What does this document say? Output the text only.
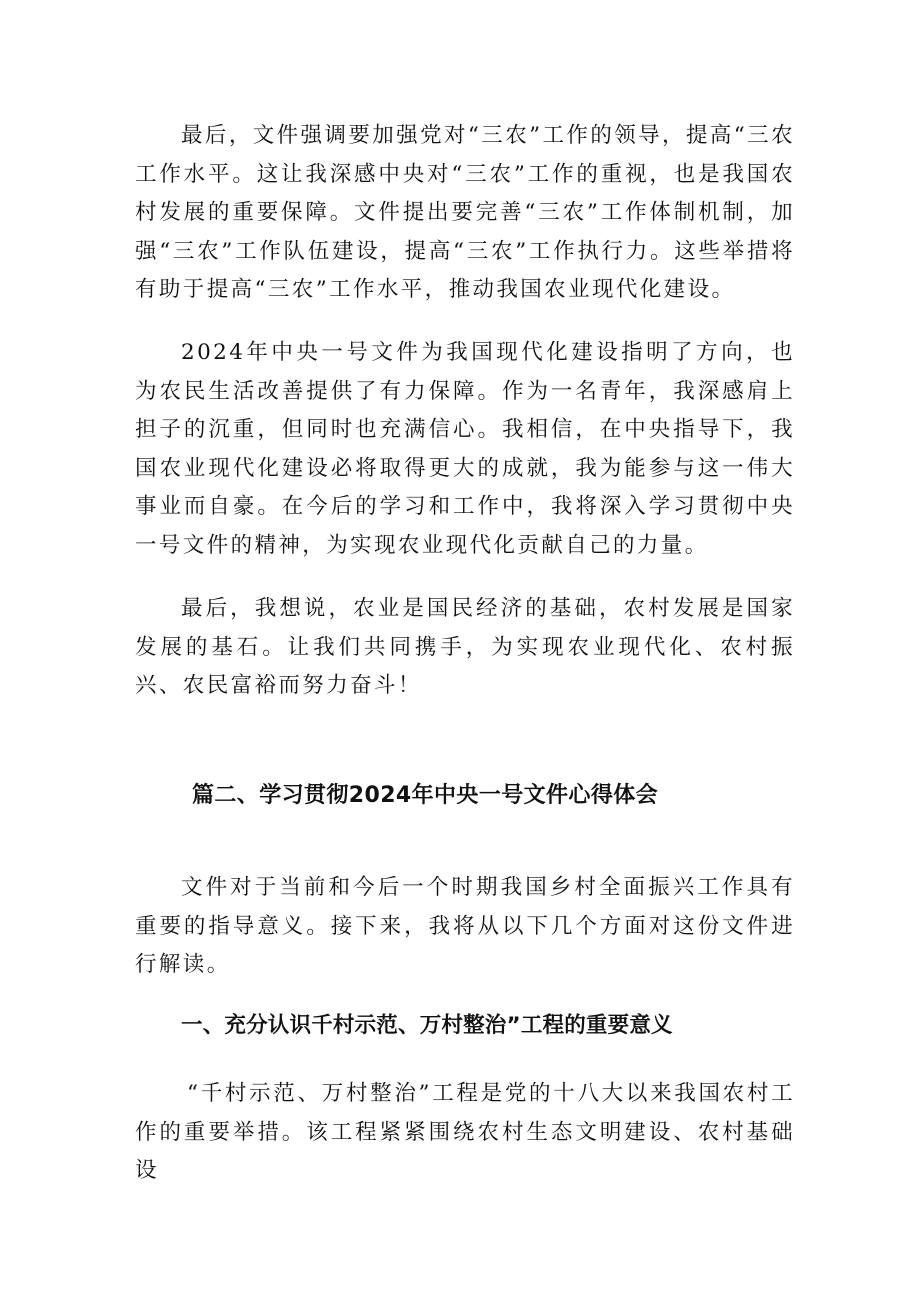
最后，文件强调要加强党对“三农”工作的领导，提高“三农工作水平。这让我深感中央对“三农”工作的重视，也是我国农村发展的重要保障。文件提出要完善“三农”工作体制机制，加强“三农”工作队伍建设，提高“三农”工作执行力。这些举措将有助于提高“三农”工作水平，推动我国农业现代化建设。

2024年中央一号文件为我国现代化建设指明了方向，也为农民生活改善提供了有力保障。作为一名青年，我深感肩上担子的沉重，但同时也充满信心。我相信，在中央指导下，我国农业现代化建设必将取得更大的成就，我为能参与这一伟大事业而自豪。在今后的学习和工作中，我将深入学习贯彻中央一号文件的精神，为实现农业现代化贡献自己的力量。

最后，我想说，农业是国民经济的基础，农村发展是国家发展的基石。让我们共同携手，为实现农业现代化、农村振兴、农民富裕而努力奋斗！

篇二、学习贯彻2024年中央一号文件心得体会

文件对于当前和今后一个时期我国乡村全面振兴工作具有重要的指导意义。接下来，我将从以下几个方面对这份文件进行解读。

一、充分认识千村示范、万村整治”工程的重要意义

“千村示范、万村整治”工程是党的十八大以来我国农村工作的重要举措。该工程紧紧围绕农村生态文明建设、农村基础设
